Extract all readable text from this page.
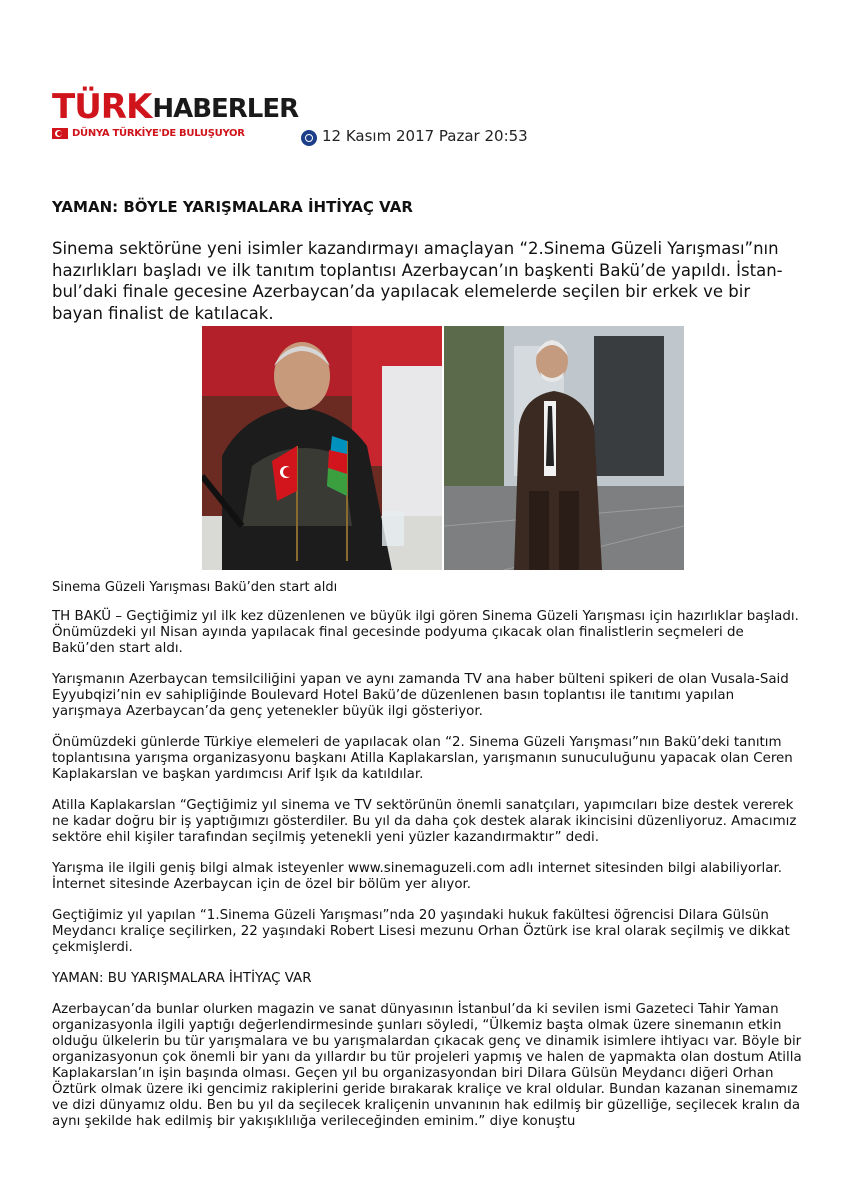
TÜRK HABERLER
DÜNYA TÜRKİYE'DE BULUŞUYOR	12 Kasım 2017 Pazar 20:53
YAMAN: BÖYLE YARIŞMALARA İHTİYAÇ VAR
Sinema sektörüne yeni isimler kazandırmayı amaçlayan “2.Sinema Güzeli Yarışması”nın hazırlıkları başladı ve ilk tanıtım toplantısı Azerbaycan’ın başkenti Bakü’de yapıldı. İstan-bul’daki finale gecesine Azerbaycan’da yapılacak elemelerde seçilen bir erkek ve bir bayan finalist de katılacak.
Sinema Güzeli Yarışması Bakü’den start aldı

TH BAKÜ – Geçtiğimiz yıl ilk kez düzenlenen ve büyük ilgi gören Sinema Güzeli Yarışması için hazırlıklar başladı. Önümüzdeki yıl Nisan ayında yapılacak final gecesinde podyuma çıkacak olan finalistlerin seçmeleri de Bakü’den start aldı.

Yarışmanın Azerbaycan temsilciliğini yapan ve aynı zamanda TV ana haber bülteni spikeri de olan Vusala-Said Eyyubqizi’nin ev sahipliğinde Boulevard Hotel Bakü’de düzenlenen basın toplantısı ile tanıtımı yapılan yarışmaya Azerbaycan’da genç yetenekler büyük ilgi gösteriyor.

Önümüzdeki günlerde Türkiye elemeleri de yapılacak olan “2. Sinema Güzeli Yarışması”nın Bakü’deki tanıtım toplantısına yarışma organizasyonu başkanı Atilla Kaplakarslan, yarışmanın sunuculuğunu yapacak olan Ceren Kaplakarslan ve başkan yardımcısı Arif Işık da katıldılar.

Atilla Kaplakarslan “Geçtiğimiz yıl sinema ve TV sektörünün önemli sanatçıları, yapımcıları bize destek vererek ne kadar doğru bir iş yaptığımızı gösterdiler. Bu yıl da daha çok destek alarak ikincisini düzenliyoruz. Amacımız sektöre ehil kişiler tarafından seçilmiş yetenekli yeni yüzler kazandırmaktır” dedi.

Yarışma ile ilgili geniş bilgi almak isteyenler www.sinemaguzeli.com adlı internet sitesinden bilgi alabiliyorlar. İnternet sitesinde Azerbaycan için de özel bir bölüm yer alıyor.

Geçtiğimiz yıl yapılan “1.Sinema Güzeli Yarışması”nda 20 yaşındaki hukuk fakültesi öğrencisi Dilara Gülsün Meydancı kraliçe seçilirken, 22 yaşındaki Robert Lisesi mezunu Orhan Öztürk ise kral olarak seçilmiş ve dikkat çekmişlerdi.

YAMAN: BU YARIŞMALARA İHTİYAÇ VAR

Azerbaycan’da bunlar olurken magazin ve sanat dünyasının İstanbul’da ki sevilen ismi Gazeteci Tahir Yaman organizasyonla ilgili yaptığı değerlendirmesinde şunları söyledi, “Ülkemiz başta olmak üzere sinemanın etkin olduğu ülkelerin bu tür yarışmalara ve bu yarışmalardan çıkacak genç ve dinamik isimlere ihtiyacı var. Böyle bir organizasyonun çok önemli bir yanı da yıllardır bu tür projeleri yapmış ve halen de yapmakta olan dostum Atilla Kaplakarslan’ın işin başında olması. Geçen yıl bu organizasyondan biri Dilara Gülsün Meydancı diğeri Orhan Öztürk olmak üzere iki gencimiz rakiplerini geride bırakarak kraliçe ve kral oldular. Bundan kazanan sinemamız ve dizi dünyamız oldu. Ben bu yıl da seçilecek kraliçenin unvanının hak edilmiş bir güzelliğe, seçilecek kralın da aynı şekilde hak edilmiş bir yakışıklılığa verileceğinden eminim.” diye konuştu
